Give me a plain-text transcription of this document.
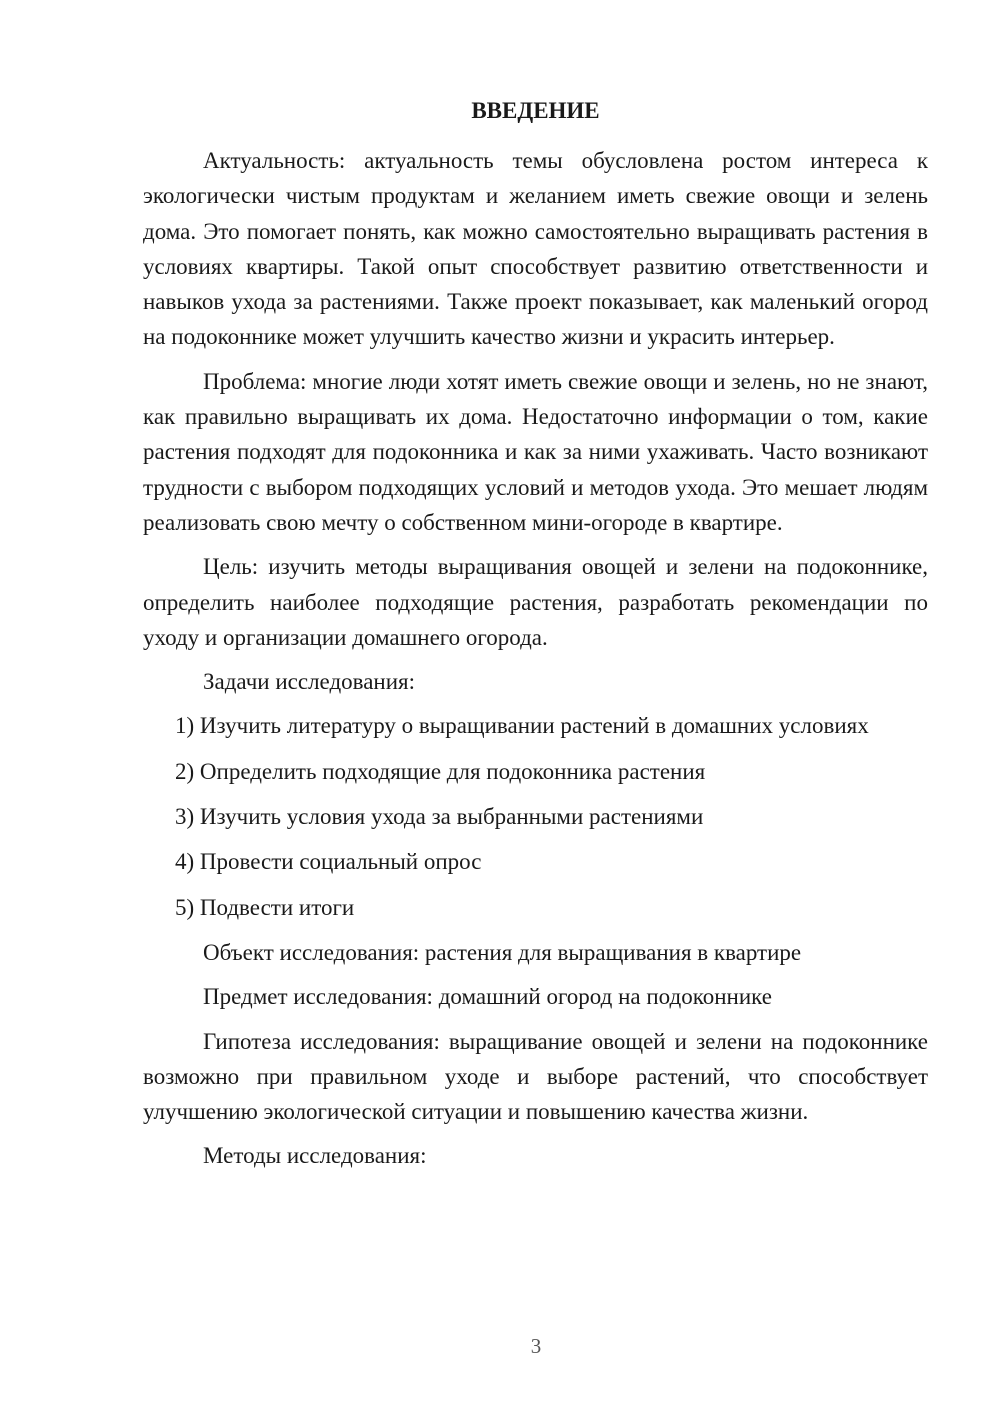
ВВЕДЕНИЕ

Актуальность: актуальность темы обусловлена ростом интереса к экологически чистым продуктам и желанием иметь свежие овощи и зелень дома. Это помогает понять, как можно самостоятельно выращивать растения в условиях квартиры. Такой опыт способствует развитию ответственности и навыков ухода за растениями. Также проект показывает, как маленький огород на подоконнике может улучшить качество жизни и украсить интерьер.

Проблема: многие люди хотят иметь свежие овощи и зелень, но не знают, как правильно выращивать их дома. Недостаточно информации о том, какие растения подходят для подоконника и как за ними ухаживать. Часто возникают трудности с выбором подходящих условий и методов ухода. Это мешает людям реализовать свою мечту о собственном мини-огороде в квартире.

Цель: изучить методы выращивания овощей и зелени на подоконнике, определить наиболее подходящие растения, разработать рекомендации по уходу и организации домашнего огорода.

Задачи исследования:

1) Изучить литературу о выращивании растений в домашних условиях
2) Определить подходящие для подоконника растения
3) Изучить условия ухода за выбранными растениями
4) Провести социальный опрос
5) Подвести итоги

Объект исследования: растения для выращивания в квартире

Предмет исследования: домашний огород на подоконнике

Гипотеза исследования: выращивание овощей и зелени на подоконнике возможно при правильном уходе и выборе растений, что способствует улучшению экологической ситуации и повышению качества жизни.

Методы исследования:

3
